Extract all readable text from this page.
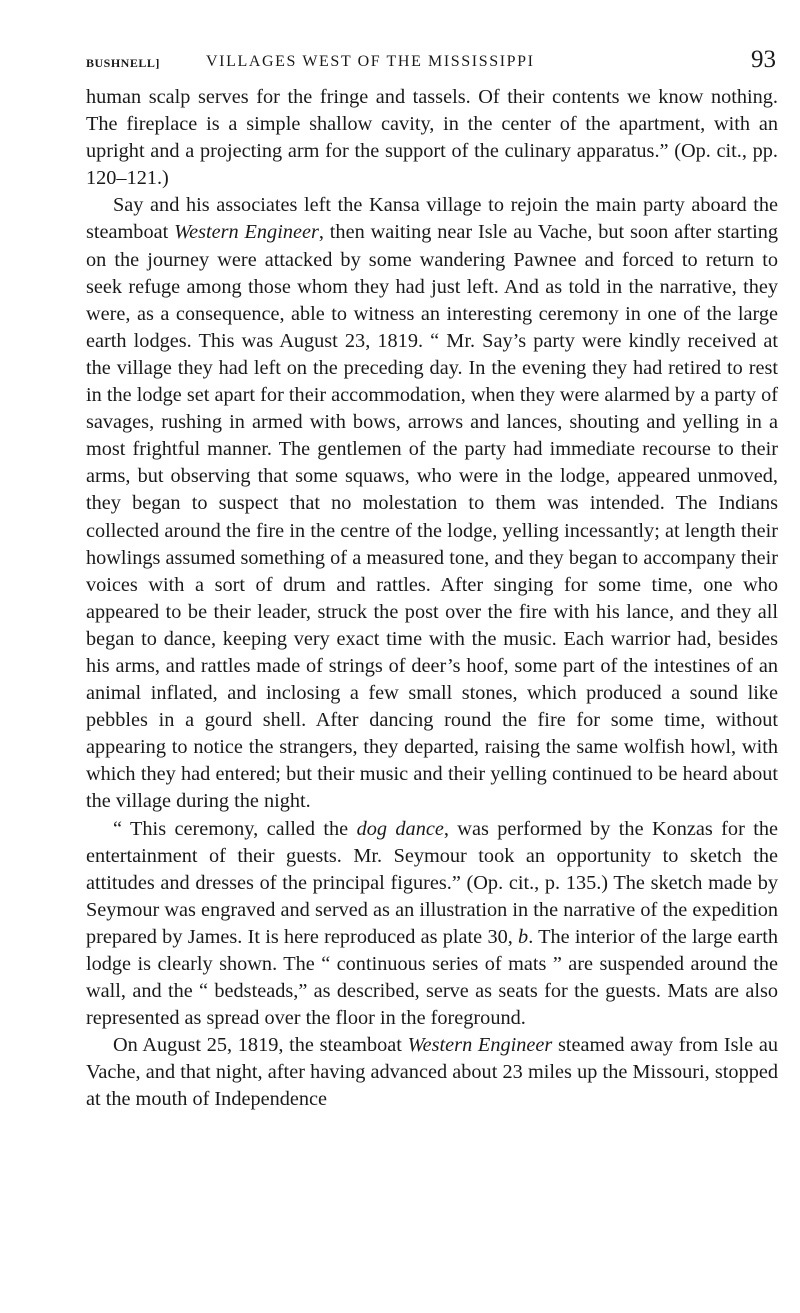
BUSHNELL]	VILLAGES WEST OF THE MISSISSIPPI	93

human scalp serves for the fringe and tassels. Of their contents we know nothing. The fireplace is a simple shallow cavity, in the center of the apartment, with an upright and a projecting arm for the support of the culinary apparatus.” (Op. cit., pp. 120–121.)

Say and his associates left the Kansa village to rejoin the main party aboard the steamboat Western Engineer, then waiting near Isle au Vache, but soon after starting on the journey were attacked by some wandering Pawnee and forced to return to seek refuge among those whom they had just left. And as told in the narrative, they were, as a consequence, able to witness an interesting ceremony in one of the large earth lodges. This was August 23, 1819. “ Mr. Say’s party were kindly received at the village they had left on the preceding day. In the evening they had retired to rest in the lodge set apart for their accommodation, when they were alarmed by a party of savages, rushing in armed with bows, arrows and lances, shouting and yelling in a most frightful manner. The gentlemen of the party had immediate recourse to their arms, but observing that some squaws, who were in the lodge, appeared unmoved, they began to suspect that no molestation to them was intended. The Indians collected around the fire in the centre of the lodge, yelling incessantly; at length their howlings assumed something of a measured tone, and they began to accompany their voices with a sort of drum and rattles. After singing for some time, one who appeared to be their leader, struck the post over the fire with his lance, and they all began to dance, keeping very exact time with the music. Each warrior had, besides his arms, and rattles made of strings of deer’s hoof, some part of the intestines of an animal inflated, and inclosing a few small stones, which produced a sound like pebbles in a gourd shell. After dancing round the fire for some time, without appearing to notice the strangers, they departed, raising the same wolfish howl, with which they had entered; but their music and their yelling continued to be heard about the village during the night.

“ This ceremony, called the dog dance, was performed by the Konzas for the entertainment of their guests. Mr. Seymour took an opportunity to sketch the attitudes and dresses of the principal figures.” (Op. cit., p. 135.) The sketch made by Seymour was engraved and served as an illustration in the narrative of the expedition prepared by James. It is here reproduced as plate 30, b. The interior of the large earth lodge is clearly shown. The “ continuous series of mats ” are suspended around the wall, and the “ bedsteads,” as described, serve as seats for the guests. Mats are also represented as spread over the floor in the foreground.

On August 25, 1819, the steamboat Western Engineer steamed away from Isle au Vache, and that night, after having advanced about 23 miles up the Missouri, stopped at the mouth of Independence
